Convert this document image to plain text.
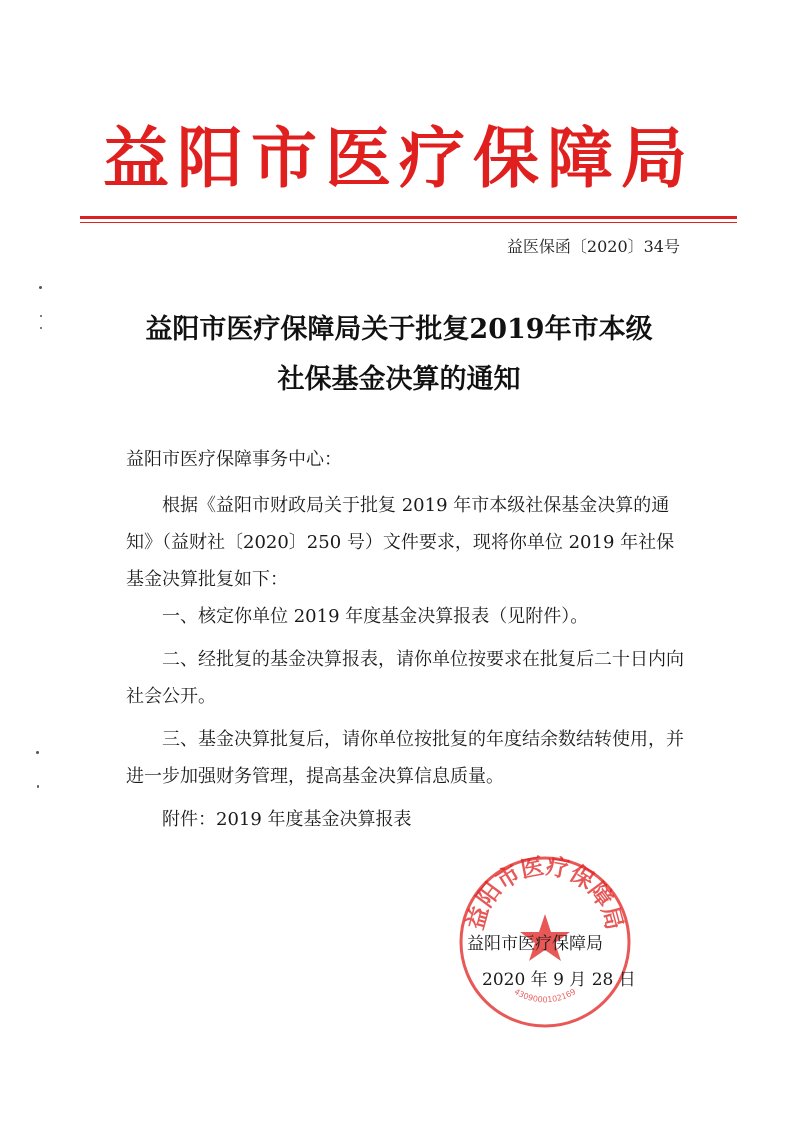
益阳市医疗保障局
益医保函〔2020〕34号
益阳市医疗保障局关于批复2019年市本级
社保基金决算的通知

益阳市医疗保障事务中心：

根据《益阳市财政局关于批复 2019 年市本级社保基金决算的通知》（益财社〔2020〕250 号）文件要求，现将你单位 2019 年社保基金决算批复如下：

一、核定你单位 2019 年度基金决算报表（见附件）。

二、经批复的基金决算报表，请你单位按要求在批复后二十日内向社会公开。

三、基金决算批复后，请你单位按批复的年度结余数结转使用，并进一步加强财务管理，提高基金决算信息质量。

附件：2019 年度基金决算报表

益阳市医疗保障局
4309000102169
益阳市医疗保障局
2020 年 9 月 28 日
